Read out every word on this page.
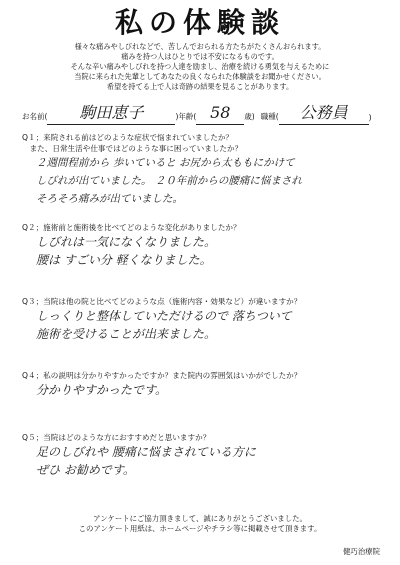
私の体験談
様々な痛みやしびれなどで、苦しんでおられる方たちがたくさんおられます。
痛みを持つ人はひとりでは不安になるものです。
そんな辛い痛みやしびれを持つ人達を励まし、治療を続ける勇気を与えるために
当院に来られた先輩としてあなたの良くなられた体験談をお聞かせください。
希望を持てる上で人は奇跡の結果を見ることがあります。
お名前(	駒田恵子	)年齢( 58	歳) 職種(	公務員	)
Q１；来院される前はどのような症状で悩まれていましたか？
　また、日常生活や仕事ではどのような事に困っていましたか？
２週間程前から 歩いていると お尻から太ももにかけて
しびれが出ていました。 ２０年前からの腰痛に悩まされ
そろそろ痛みが出ていました。
Q２；施術前と施術後を比べてどのような変化がありましたか？
しびれは一気になくなりました。
腰は すごい分 軽くなりました。
Q３；当院は他の院と比べてどのような点（施術内容・効果など）が違いますか？
しっくりと整体していただけるので 落ちついて
施術を受けることが出来ました。
Q４；私の説明は分かりやすかったですか？また院内の雰囲気はいかがでしたか？
分かりやすかったです。
Q５；当院はどのような方におすすめだと思いますか？
足のしびれや 腰痛に悩まされている方に
ぜひ お勧めです。
アンケートにご協力頂きまして、誠にありがとうございました。
このアンケート用紙は、ホームページやチラシ等に掲載させて頂きます。
健巧治療院
